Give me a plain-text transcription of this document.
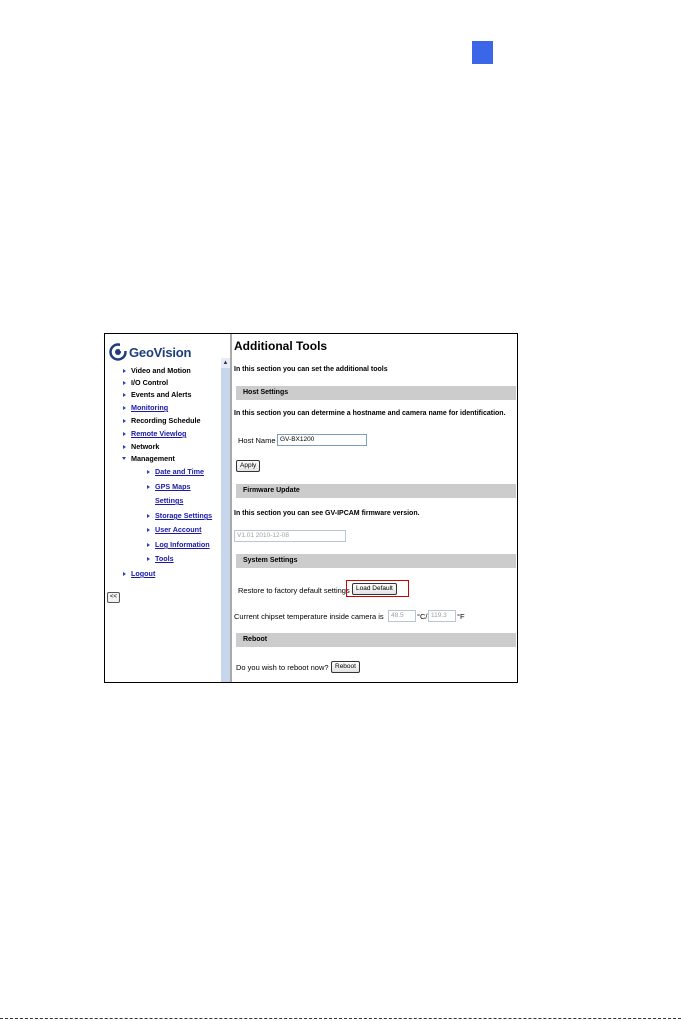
GeoVision
Video and Motion
I/O Control
Events and Alerts
Monitoring
Recording Schedule
Remote Viewlog
Network
Management
Date and Time
GPS Maps
Settings
Storage Settings
User Account
Log Information
Tools
Logout
<<
▲
Additional Tools
In this section you can set the additional tools
Host Settings
In this section you can determine a hostname and camera name for identification.
Host Name GV-BX1200
Apply
Firmware Update
In this section you can see GV-IPCAM firmware version.
V1.01 2010-12-08
System Settings
Restore to factory default settings Load Default
Current chipset temperature inside camera is	48.5	°C/ 119.3	°F
Reboot
Do you wish to reboot now? Reboot
